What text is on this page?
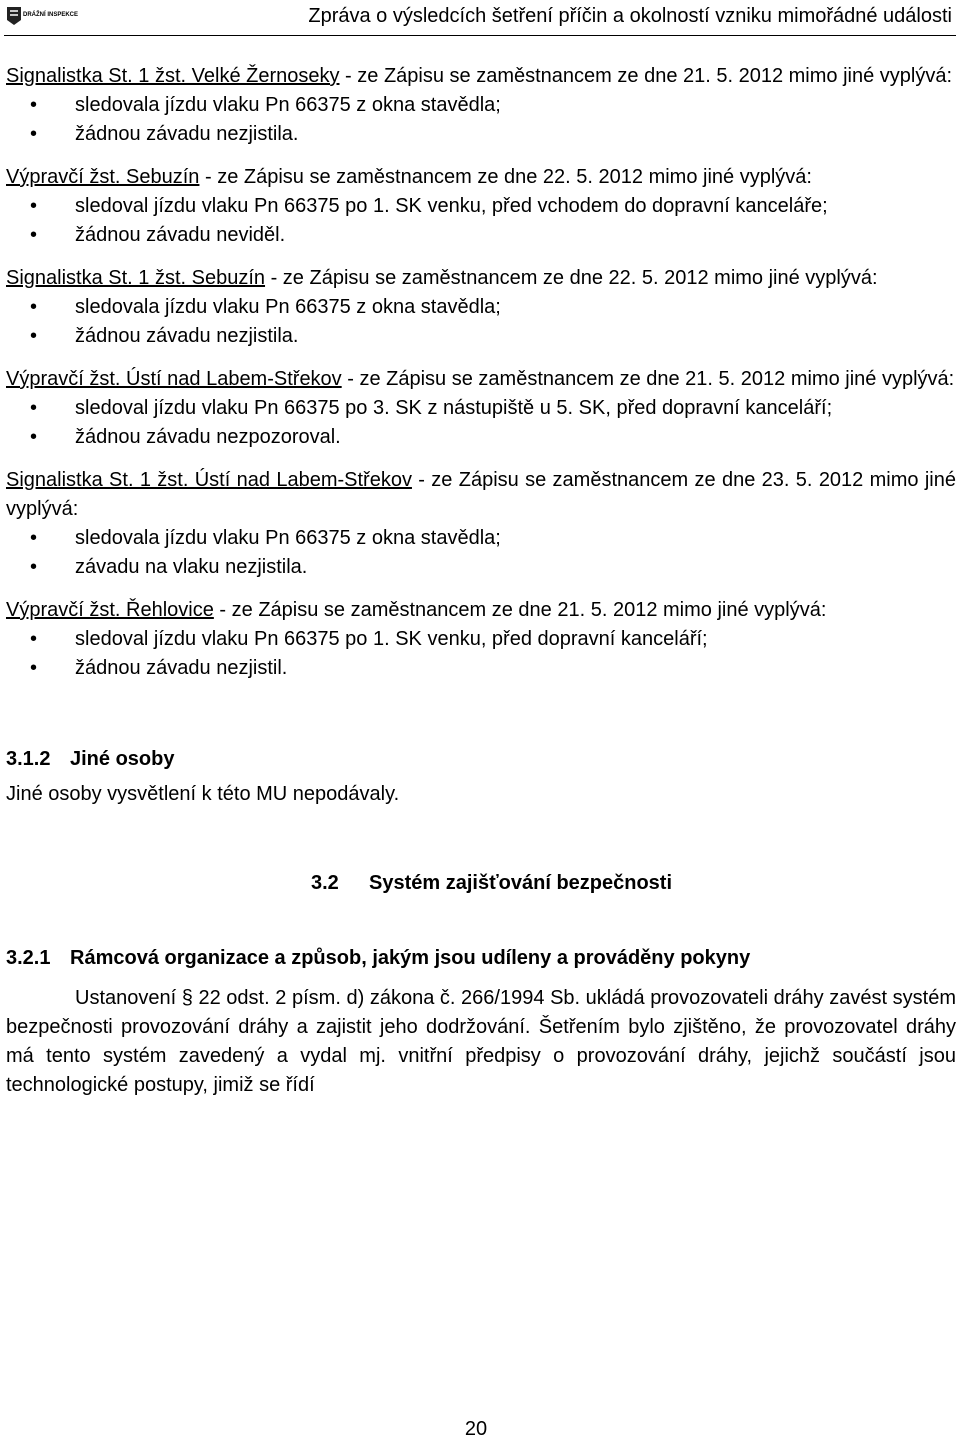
DRÁŽNÍ INSPEKCE	Zpráva o výsledcích šetření příčin a okolností vzniku mimořádné události
Signalistka St. 1 žst. Velké Žernoseky - ze Zápisu se zaměstnancem ze dne 21. 5. 2012 mimo jiné vyplývá:
• sledovala jízdu vlaku Pn 66375 z okna stavědla;
• žádnou závadu nezjistila.
Výpravčí žst. Sebuzín - ze Zápisu se zaměstnancem ze dne 22. 5. 2012 mimo jiné vyplývá:
• sledoval jízdu vlaku Pn 66375 po 1. SK venku, před vchodem do dopravní kanceláře;
• žádnou závadu neviděl.
Signalistka St. 1 žst. Sebuzín - ze Zápisu se zaměstnancem ze dne 22. 5. 2012 mimo jiné vyplývá:
• sledovala jízdu vlaku Pn 66375 z okna stavědla;
• žádnou závadu nezjistila.
Výpravčí žst. Ústí nad Labem-Střekov - ze Zápisu se zaměstnancem ze dne 21. 5. 2012 mimo jiné vyplývá:
• sledoval jízdu vlaku Pn 66375 po 3. SK z nástupiště u 5. SK, před dopravní kanceláří;
• žádnou závadu nezpozoroval.
Signalistka St. 1 žst. Ústí nad Labem-Střekov - ze Zápisu se zaměstnancem ze dne 23. 5. 2012 mimo jiné vyplývá:
• sledovala jízdu vlaku Pn 66375 z okna stavědla;
• závadu na vlaku nezjistila.
Výpravčí žst. Řehlovice - ze Zápisu se zaměstnancem ze dne 21. 5. 2012 mimo jiné vyplývá:
• sledoval jízdu vlaku Pn 66375 po 1. SK venku, před dopravní kanceláří;
• žádnou závadu nezjistil.
3.1.2 Jiné osoby
Jiné osoby vysvětlení k této MU nepodávaly.
3.2 Systém zajišťování bezpečnosti
3.2.1 Rámcová organizace a způsob, jakým jsou udíleny a prováděny pokyny
Ustanovení § 22 odst. 2 písm. d) zákona č. 266/1994 Sb. ukládá provozovateli dráhy zavést systém bezpečnosti provozování dráhy a zajistit jeho dodržování. Šetřením bylo zjištěno, že provozovatel dráhy má tento systém zavedený a vydal mj. vnitřní předpisy o provozování dráhy, jejichž součástí jsou technologické postupy, jimiž se řídí
20
